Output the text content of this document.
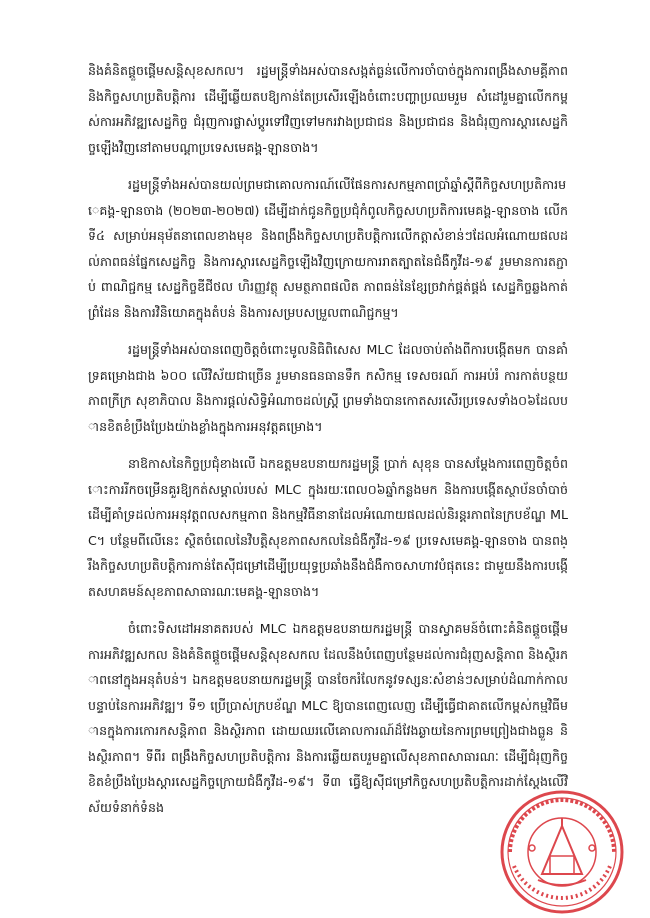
និងគំនិតផ្តួចផ្តើមសន្តិសុខសកល។ រដ្ឋមន្ត្រីទាំងអស់បានសង្កត់ធ្ងន់លើការចាំបាច់ក្នុងការពង្រឹងសាមគ្គីភាព និងកិច្ចសហប្រតិបត្តិការ ដើម្បីឆ្លើយតបឱ្យកាន់តែប្រសើរឡើងចំពោះបញ្ហាប្រឈមរួម សំដៅរួមគ្នាលើកកម្ពស់ការអភិវឌ្ឍសេដ្ឋកិច្ច ជំរុញការផ្លាស់ប្តូរទៅវិញទៅមករវាងប្រជាជន និងប្រជាជន និងជំរុញការស្តារសេដ្ឋកិច្ចឡើងវិញនៅតាមបណ្តាប្រទេសមេគង្គ-ឡានចាង។

រដ្ឋមន្ត្រីទាំងអស់បានយល់ព្រមជាគោលការណ៍លើផែនការសកម្មភាពប្រាំឆ្នាំស្តីពីកិច្ចសហប្រតិការមេគង្គ-ឡានចាង (២០២៣-២០២៧) ដើម្បីដាក់ជូនកិច្ចប្រជុំកំពូលកិច្ចសហប្រតិការមេគង្គ-ឡានចាង លើកទី៤ សម្រាប់អនុម័តនាពេលខាងមុខ និងពង្រឹងកិច្ចសហប្រតិបត្តិការលើកត្តាសំខាន់ៗដែលអំណោយផលដល់ភាពធន់ផ្នែកសេដ្ឋកិច្ច និងការស្តារសេដ្ឋកិច្ចឡើងវិញក្រោយការរាតត្បាតនៃជំងឺកូវីដ-១៩ រួមមានការតភ្ជាប់ ពាណិជ្ជកម្ម សេដ្ឋកិច្ចឌីជីថល ហិរញ្ញវត្ថុ សមត្ថភាពផលិត ភាពធន់នៃខ្សែច្រវាក់ផ្គត់ផ្គង់ សេដ្ឋកិច្ចឆ្លងកាត់ព្រំដែន និងការវិនិយោគក្នុងតំបន់ និងការសម្របសម្រួលពាណិជ្ជកម្ម។

រដ្ឋមន្ត្រីទាំងអស់បានពេញចិត្តចំពោះមូលនិធិពិសេស MLC ដែលចាប់តាំងពីការបង្កើតមក បានគាំទ្រគម្រោងជាង ៦០០ លើវិស័យជាច្រើន រួមមានធនធានទឹក កសិកម្ម ទេសចរណ៍ ការអប់រំ ការកាត់បន្ថយភាពក្រីក្រ សុខាភិបាល និងការផ្តល់សិទ្ធិអំណាចដល់ស្ត្រី ព្រមទាំងបានកោតសរសើរប្រទេសទាំង០៦ដែលបានខិតខំប្រឹងប្រែងយ៉ាងខ្លាំងក្នុងការអនុវត្តគម្រោង។

នាឱកាសនៃកិច្ចប្រជុំខាងលើ ឯកឧត្តមឧបនាយករដ្ឋមន្ត្រី ប្រាក់ សុខុន បានសម្តែងការពេញចិត្តចំពោះការរីកចម្រើនគួរឱ្យកត់សម្គាល់របស់ MLC ក្នុងរយៈពេល០៦ឆ្នាំកន្លងមក និងការបង្កើតស្ថាប័នចាំបាច់ដើម្បីគាំទ្រដល់ការអនុវត្តពលសកម្មភាព និងកម្មវិធីនានាដែលអំណោយផលដល់និរន្តរភាពនៃក្របខ័ណ្ឌ MLC។ បន្ថែមពីលើនេះ ស្ថិតចំពេលនៃវិបត្តិសុខភាពសកលនៃជំងឺកូវីដ-១៩ ប្រទេសមេគង្គ-ឡានចាង បានពង្រឹងកិច្ចសហប្រតិបត្តិការកាន់តែស៊ីជម្រៅដើម្បីប្រយុទ្ធប្រឆាំងនឹងជំងឺកាចសាហាវបំផុតនេះ ជាមួយនឹងការបង្កើតសហគមន៍សុខភាពសាធារណៈមេគង្គ-ឡានចាង។

ចំពោះទិសដៅអនាគតរបស់ MLC ឯកឧត្តមឧបនាយករដ្ឋមន្ត្រី បានស្វាគមន៍ចំពោះគំនិតផ្តួចផ្តើមការអភិវឌ្ឍសកល និងគំនិតផ្តួចផ្តើមសន្តិសុខសកល ដែលនឹងបំពេញបន្ថែមដល់ការជំរុញសន្តិភាព និងស្ថិរភាពនៅក្នុងអនុតំបន់។ ឯកឧត្តមឧបនាយករដ្ឋមន្ត្រី បានចែករំលែកនូវទស្សនៈសំខាន់ៗសម្រាប់ដំណាក់កាលបន្ទាប់នៃការអភិវឌ្ឍ។ ទី១ ប្រើប្រាស់ក្របខ័ណ្ឌ MLC ឱ្យបានពេញលេញ ដើម្បីធ្វើជាគាតលើកម្ពស់កម្មវិធីមានក្នុងការកោរកសន្តិភាព និងស្ថិរភាព ដោយឈរលើគោលការណ៍ដ៏វែងឆ្ងាយនៃការព្រមព្រៀងជាងធ្លួន និងស្ថិរភាព។ ទីពីរ ពង្រឹងកិច្ចសហប្រតិបត្តិការ និងការឆ្លើយតបរួមគ្នាលើសុខភាពសាធារណៈ ដើម្បីជំរុញកិច្ចខិតខំប្រឹងប្រែងស្តារសេដ្ឋកិច្ចក្រោយជំងឺកូវីដ-១៩។ ទី៣ ធ្វើឱ្យស៊ីជម្រៅកិច្ចសហប្រតិបត្តិការដាក់ស្តែងលើវិស័យទំនាក់ទំនង
